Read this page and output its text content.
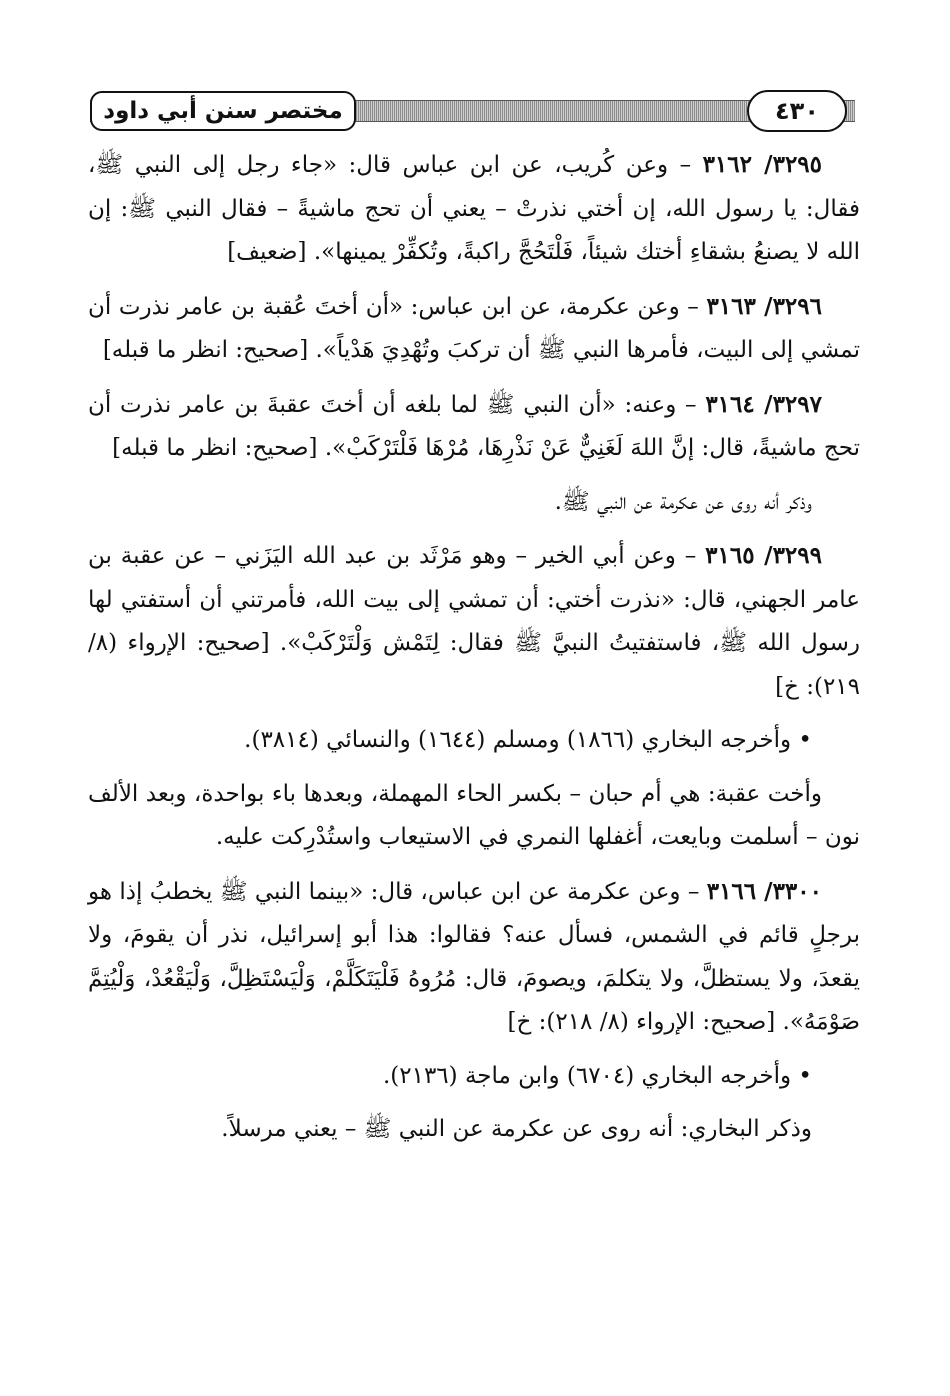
مختصر سنن أبي داود	٤٣٠

٣٢٩٥/ ٣١٦٢ – وعن كُريب، عن ابن عباس قال: «جاء رجل إلى النبي ﷺ، فقال: يا رسول الله، إن أختي نذرتْ – يعني أن تحج ماشيةً – فقال النبي ﷺ: إن الله لا يصنعُ بشقاءِ أختك شيئاً، فَلْتَحُجَّ راكبةً، وتُكفِّرْ يمينها». [ضعيف]

٣٢٩٦/ ٣١٦٣ – وعن عكرمة، عن ابن عباس: «أن أختَ عُقبة بن عامر نذرت أن تمشي إلى البيت، فأمرها النبي ﷺ أن تركبَ وتُهْدِيَ هَدْياً». [صحيح: انظر ما قبله]

٣٢٩٧/ ٣١٦٤ – وعنه: «أن النبي ﷺ لما بلغه أن أختَ عقبةَ بن عامر نذرت أن تحج ماشيةً، قال: إنَّ اللهَ لَغَنِيٌّ عَنْ نَذْرِهَا، مُرْهَا فَلْتَرْكَبْ». [صحيح: انظر ما قبله]

وذكر أنه روى عن عكرمة عن النبي ﷺ.

٣٢٩٩/ ٣١٦٥ – وعن أبي الخير – وهو مَرْثَد بن عبد الله اليَزَني – عن عقبة بن عامر الجهني، قال: «نذرت أختي: أن تمشي إلى بيت الله، فأمرتني أن أستفتي لها رسول الله ﷺ، فاستفتيتُ النبيَّ ﷺ فقال: لِتَمْش وَلْتَرْكَبْ». [صحيح: الإرواء (٨/ ٢١٩): خ]

• وأخرجه البخاري (١٨٦٦) ومسلم (١٦٤٤) والنسائي (٣٨١٤).

وأخت عقبة: هي أم حبان – بكسر الحاء المهملة، وبعدها باء بواحدة، وبعد الألف نون – أسلمت وبايعت، أغفلها النمري في الاستيعاب واستُدْرِكت عليه.

٣٣٠٠/ ٣١٦٦ – وعن عكرمة عن ابن عباس، قال: «بينما النبي ﷺ يخطبُ إذا هو برجلٍ قائم في الشمس، فسأل عنه؟ فقالوا: هذا أبو إسرائيل، نذر أن يقومَ، ولا يقعدَ، ولا يستظلَّ، ولا يتكلمَ، ويصومَ، قال: مُرُوهُ فَلْيَتَكَلَّمْ، وَلْيَسْتَظِلَّ، وَلْيَقْعُدْ، وَلْيُتِمَّ صَوْمَهُ». [صحيح: الإرواء (٨/ ٢١٨): خ]

• وأخرجه البخاري (٦٧٠٤) وابن ماجة (٢١٣٦).

وذكر البخاري: أنه روى عن عكرمة عن النبي ﷺ – يعني مرسلاً.
